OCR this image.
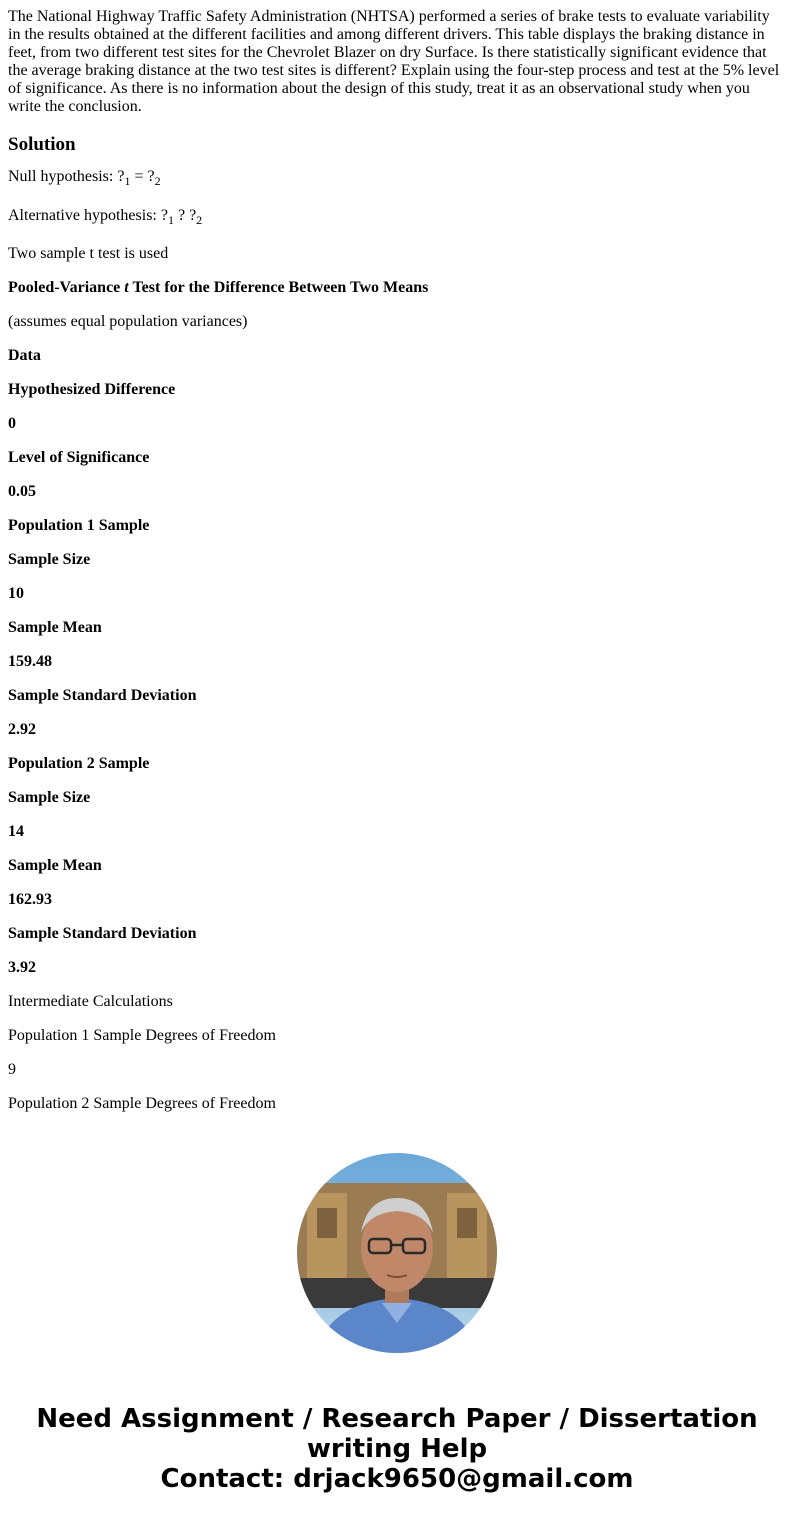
The National Highway Traffic Safety Administration (NHTSA) performed a series of brake tests to evaluate variability in the results obtained at the different facilities and among different drivers. This table displays the braking distance in feet, from two different test sites for the Chevrolet Blazer on dry Surface. Is there statistically significant evidence that the average braking distance at the two test sites is different? Explain using the four-step process and test at the 5% level of significance. As there is no information about the design of this study, treat it as an observational study when you write the conclusion.

Solution

Null hypothesis: $?_1$ = $?_2$

Alternative hypothesis: $?_1$ ? $?_2$

Two sample t test is used

Pooled-Variance t Test for the Difference Between Two Means

(assumes equal population variances)

Data

Hypothesized Difference

0

Level of Significance

0.05

Population 1 Sample

Sample Size

10

Sample Mean

159.48

Sample Standard Deviation

2.92

Population 2 Sample

Sample Size

14

Sample Mean

162.93

Sample Standard Deviation

3.92

Intermediate Calculations

Population 1 Sample Degrees of Freedom

9

Population 2 Sample Degrees of Freedom

Need Assignment / Research Paper / Dissertation
writing Help
Contact: drjack9650@gmail.com
